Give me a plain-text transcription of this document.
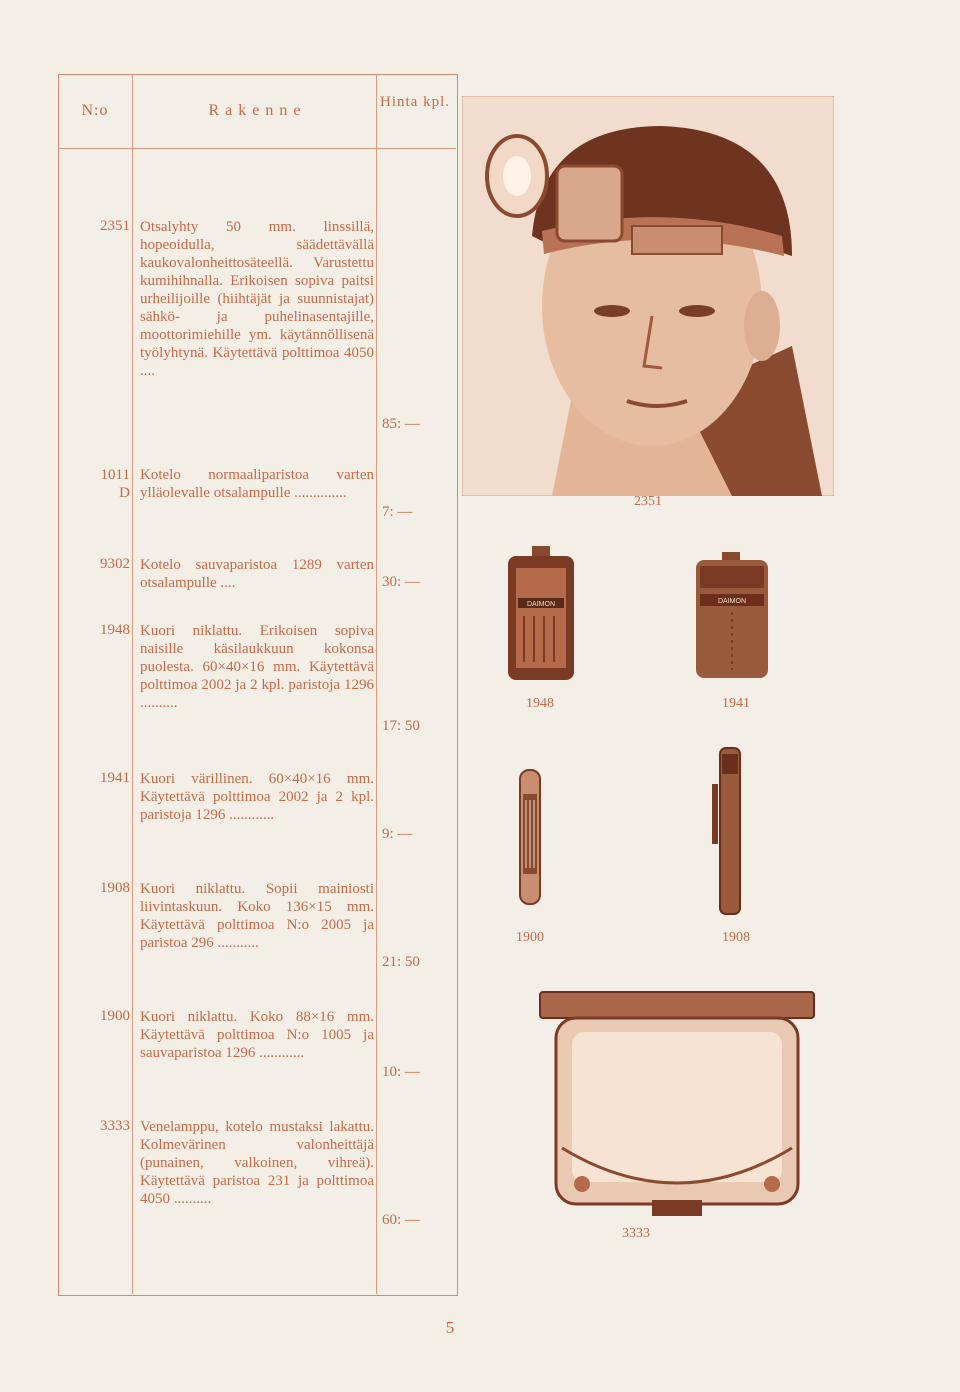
N:o	R a k e n n e	Hinta kpl.
2351 Otsalyhty 50 mm. linssillä, hopeoidulla, säädettävällä kaukovalonheittosäteellä. Varustettu kumihihnalla. Erikoisen sopiva paitsi urheilijoille (hiihtäjät ja suunnistajat) sähkö- ja puhelinasentajille, moottorimiehille ym. käytännöllisenä työlyhtynä. Käytettävä polttimoa 4050 ....
85: —
1011 D
Kotelo normaaliparistoa varten ylläolevalle otsalampulle ..............
7: —
9302 Kotelo sauvaparistoa 1289 varten otsalampulle ....	30: —
1948 Kuori niklattu. Erikoisen sopiva naisille käsilaukkuun kokonsa puolesta. 60×40×16 mm. Käytettävä polttimoa 2002 ja 2 kpl. paristoja 1296 ..........
17: 50
1941 Kuori värillinen. 60×40×16 mm. Käytettävä polttimoa 2002 ja 2 kpl. paristoja 1296 ............
9: —
1908 Kuori niklattu. Sopii mainiosti liivintaskuun. Koko 136×15 mm. Käytettävä polttimoa N:o 2005 ja paristoa 296 ...........
21: 50
1900 Kuori niklattu. Koko 88×16 mm. Käytettävä polttimoa N:o 1005 ja sauvaparistoa 1296 ............
10: —
3333 Venelamppu, kotelo mustaksi lakattu. Kolmevärinen valonheittäjä (punainen, valkoinen, vihreä). Käytettävä paristoa 231 ja polttimoa 4050 ..........
60: —
2351
DAIMON
1948
DAIMON
1941
1900	1908
3333
5
